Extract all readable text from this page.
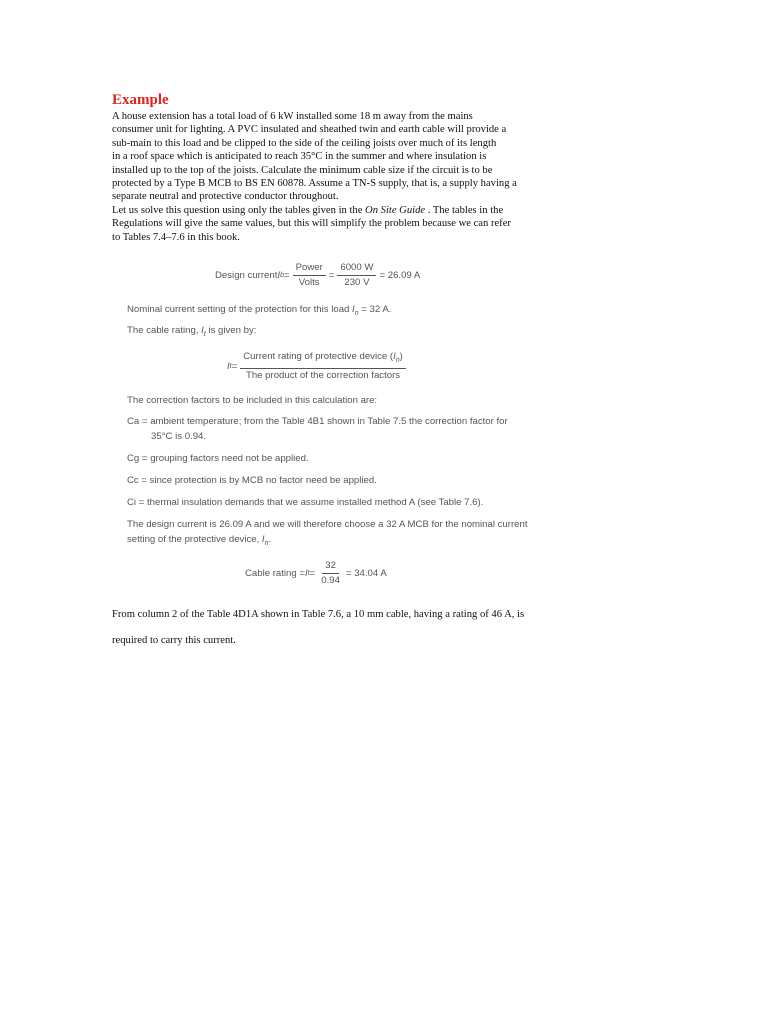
Example
A house extension has a total load of 6 kW installed some 18 m away from the mains
consumer unit for lighting. A PVC insulated and sheathed twin and earth cable will provide a
sub-main to this load and be clipped to the side of the ceiling joists over much of its length
in a roof space which is anticipated to reach 35°C in the summer and where insulation is
installed up to the top of the joists. Calculate the minimum cable size if the circuit is to be
protected by a Type B MCB to BS EN 60878. Assume a TN-S supply, that is, a supply having a
separate neutral and protective conductor throughout.
Let us solve this question using only the tables given in the On Site Guide . The tables in the
Regulations will give the same values, but this will simplify the problem because we can refer
to Tables 7.4–7.6 in this book.
Design current I $b = \frac{\text{Power}}{\text{Volts}} = \frac{6000 W}{230 V} = 26.09$ A
Nominal current setting of the protection for this load $I_n = 32$ A.
The cable rating, $I_t$ is given by:
I $t = \frac{Current rating of protective device (I_n)}{\text{The product of the correction factors}}$
The correction factors to be included in this calculation are:
Ca = ambient temperature; from the Table 4B1 shown in Table 7.5 the correction factor for
35°C is 0.94.
Cg = grouping factors need not be applied.
Cc = since protection is by MCB no factor need be applied.
Ci = thermal insulation demands that we assume installed method A (see Table 7.6).
The design current is 26.09 A and we will therefore choose a 32 A MCB for the nominal current
setting of the protective device, $I_n$.
Cable rating = I $t = \frac{32}{0.94} = 34.04$ A
From column 2 of the Table 4D1A shown in Table 7.6, a 10 mm cable, having a rating of 46 A, is
required to carry this current.
